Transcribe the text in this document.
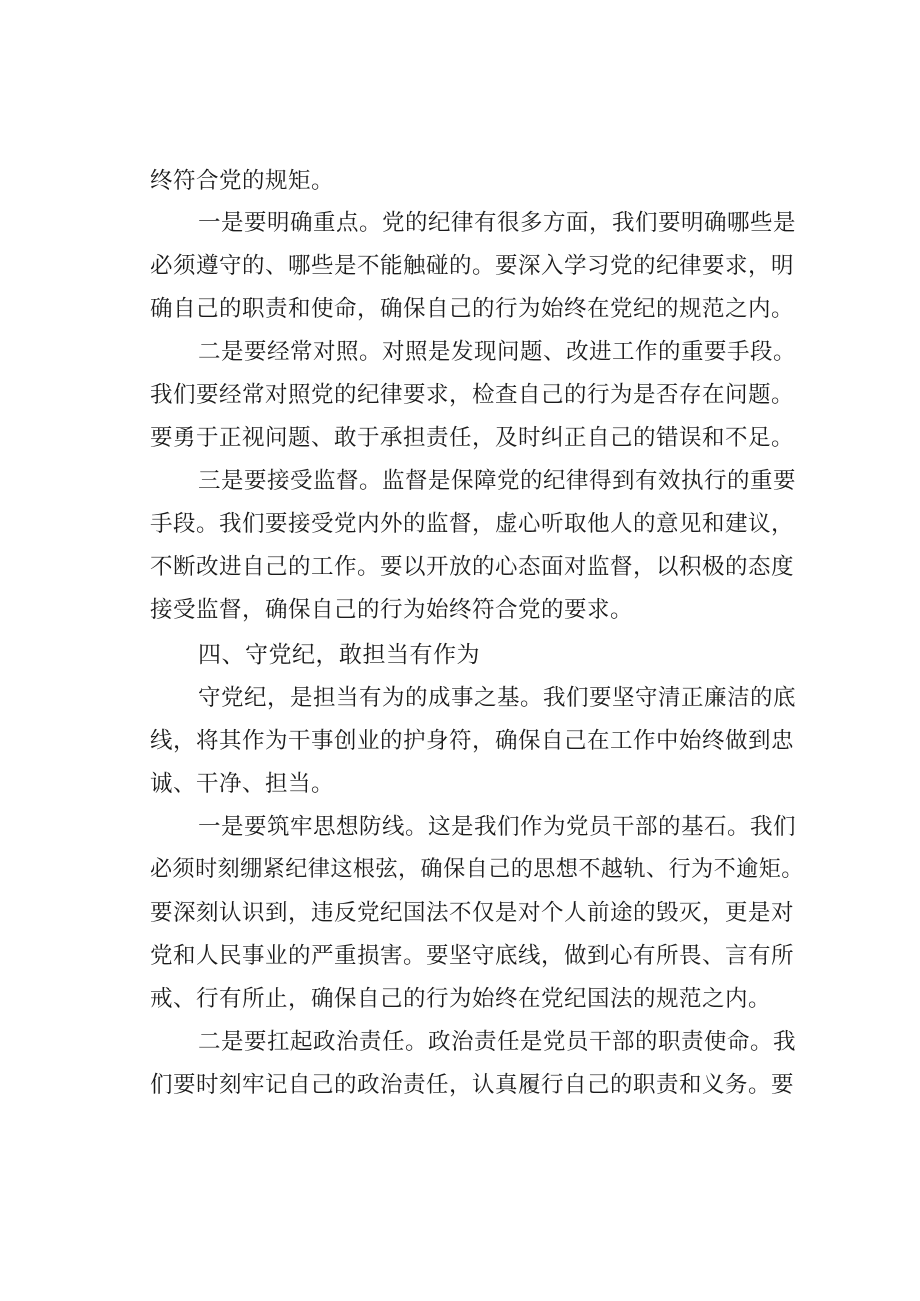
终符合党的规矩。

一是要明确重点。党的纪律有很多方面，我们要明确哪些是

必须遵守的、哪些是不能触碰的。要深入学习党的纪律要求，明

确自己的职责和使命，确保自己的行为始终在党纪的规范之内。

二是要经常对照。对照是发现问题、改进工作的重要手段。

我们要经常对照党的纪律要求，检查自己的行为是否存在问题。

要勇于正视问题、敢于承担责任，及时纠正自己的错误和不足。

三是要接受监督。监督是保障党的纪律得到有效执行的重要

手段。我们要接受党内外的监督，虚心听取他人的意见和建议，

不断改进自己的工作。要以开放的心态面对监督，以积极的态度

接受监督，确保自己的行为始终符合党的要求。

四、守党纪，敢担当有作为

守党纪，是担当有为的成事之基。我们要坚守清正廉洁的底

线，将其作为干事创业的护身符，确保自己在工作中始终做到忠

诚、干净、担当。

一是要筑牢思想防线。这是我们作为党员干部的基石。我们

必须时刻绷紧纪律这根弦，确保自己的思想不越轨、行为不逾矩。

要深刻认识到，违反党纪国法不仅是对个人前途的毁灭，更是对

党和人民事业的严重损害。要坚守底线，做到心有所畏、言有所

戒、行有所止，确保自己的行为始终在党纪国法的规范之内。

二是要扛起政治责任。政治责任是党员干部的职责使命。我

们要时刻牢记自己的政治责任，认真履行自己的职责和义务。要
